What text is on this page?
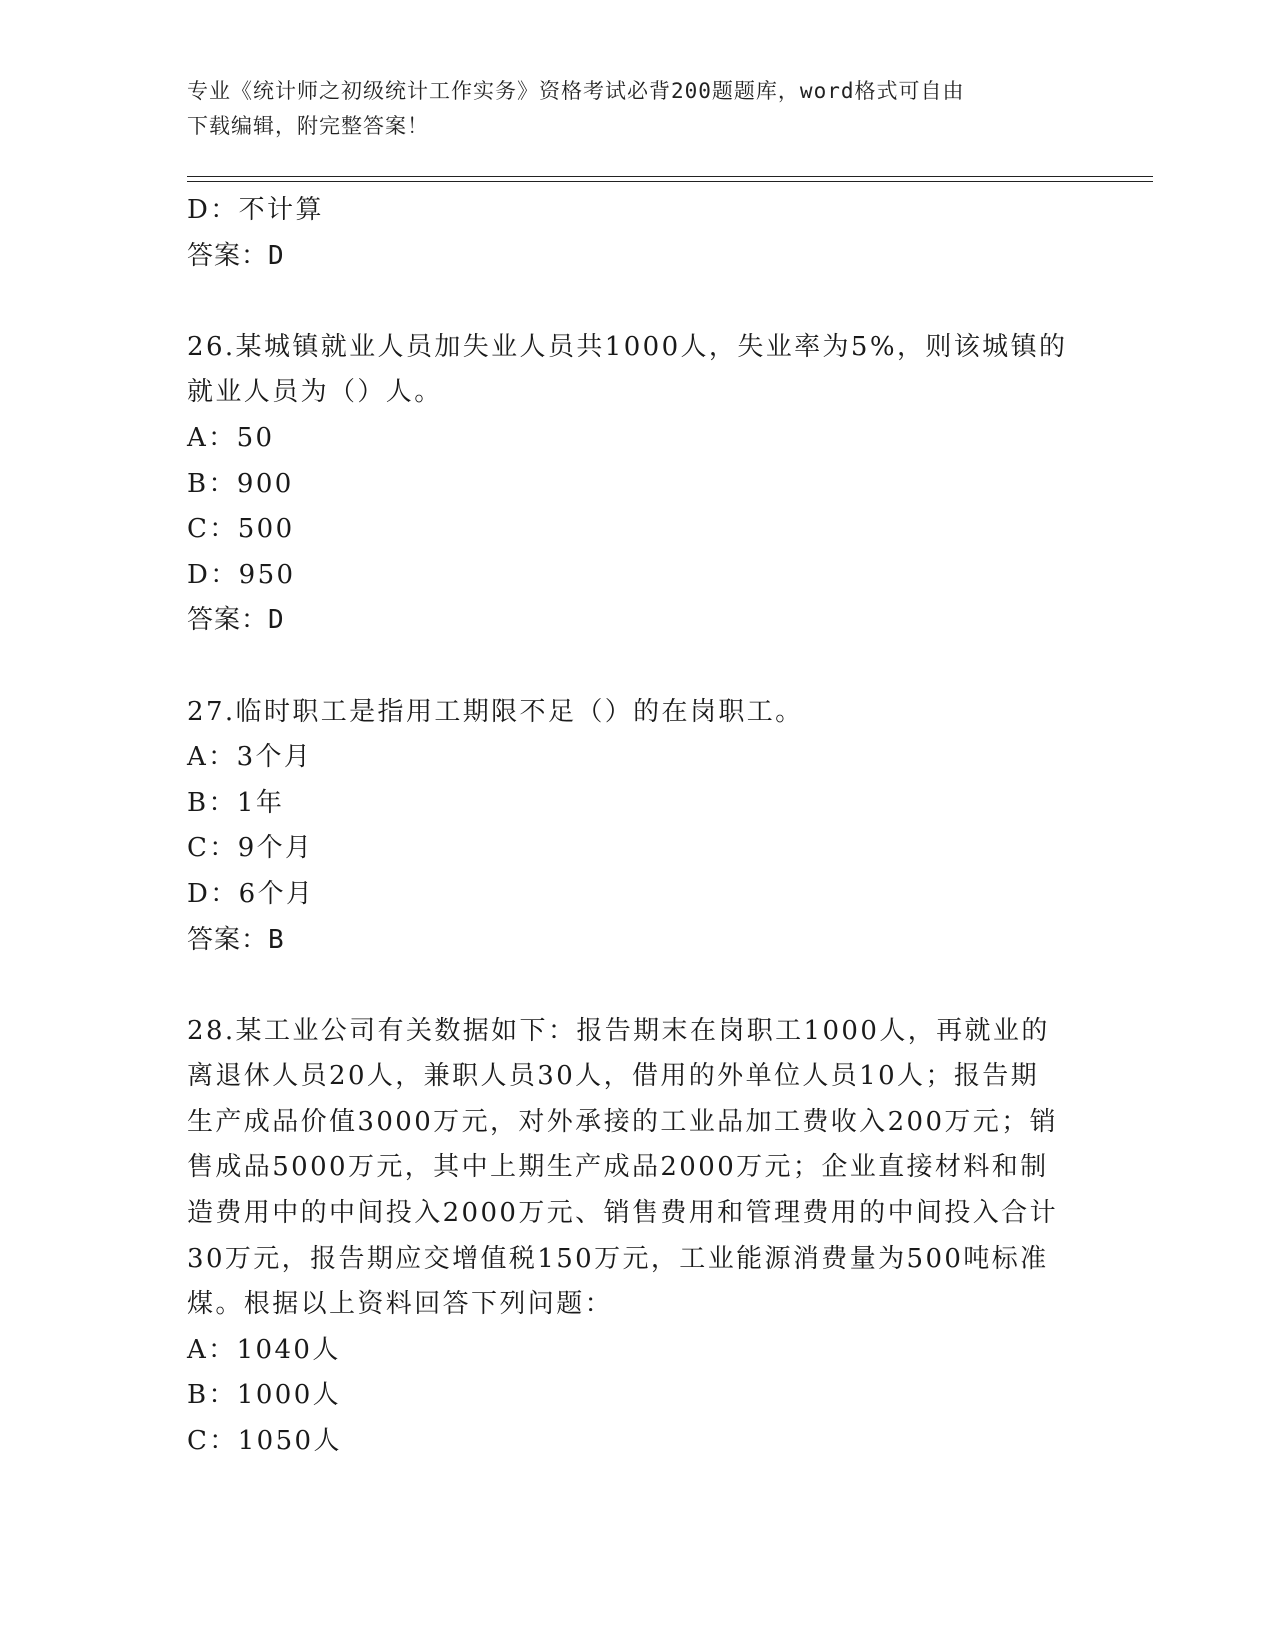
专业《统计师之初级统计工作实务》资格考试必背200题题库，word格式可自由
下载编辑，附完整答案！
D：不计算
答案：D
26.某城镇就业人员加失业人员共1000人，失业率为5%，则该城镇的
就业人员为（）人。
A：50
B：900
C：500
D：950
答案：D
27.临时职工是指用工期限不足（）的在岗职工。
A：3个月
B：1年
C：9个月
D：6个月
答案：B
28.某工业公司有关数据如下：报告期末在岗职工1000人，再就业的
离退休人员20人，兼职人员30人，借用的外单位人员10人；报告期
生产成品价值3000万元，对外承接的工业品加工费收入200万元；销
售成品5000万元，其中上期生产成品2000万元；企业直接材料和制
造费用中的中间投入2000万元、销售费用和管理费用的中间投入合计
30万元，报告期应交增值税150万元，工业能源消费量为500吨标准
煤。根据以上资料回答下列问题：
A：1040人
B：1000人
C：1050人
